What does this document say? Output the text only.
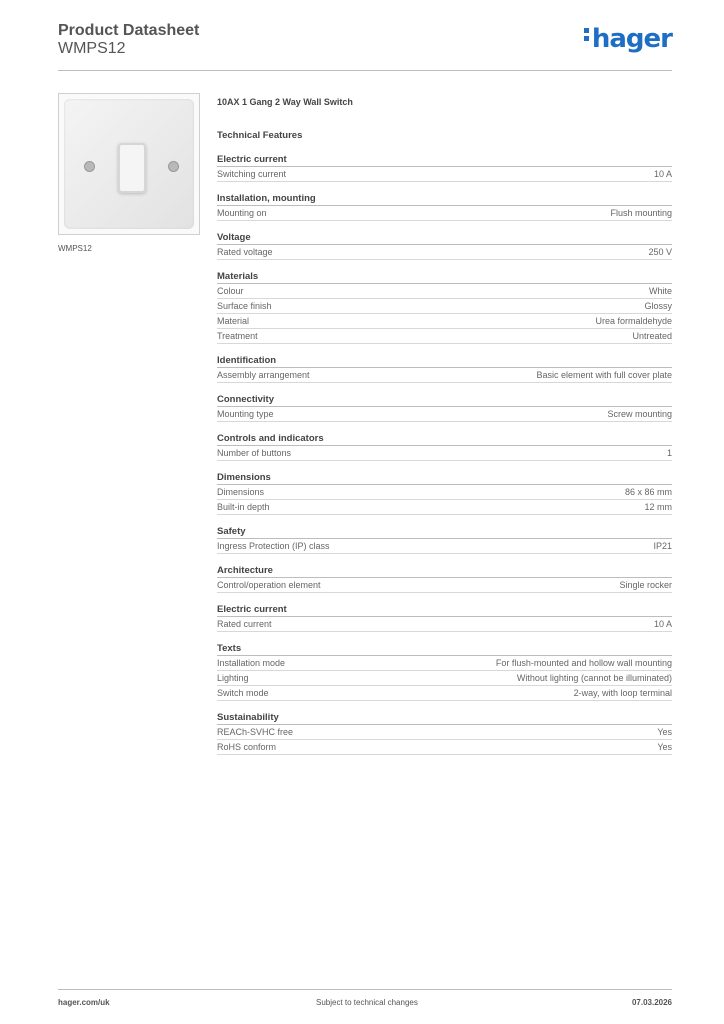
Product Datasheet
WMPS12	hager
WMPS12
10AX 1 Gang 2 Way Wall Switch
Technical Features
Electric current
Switching current	10 A
Installation, mounting
Mounting on	Flush mounting
Voltage
Rated voltage	250 V
Materials
Colour	White
Surface finish	Glossy
Material	Urea formaldehyde
Treatment	Untreated
Identification
Assembly arrangement	Basic element with full cover plate
Connectivity
Mounting type	Screw mounting
Controls and indicators
Number of buttons	1
Dimensions
Dimensions	86 x 86 mm
Built-in depth	12 mm
Safety
Ingress Protection (IP) class	IP21
Architecture
Control/operation element	Single rocker
Electric current
Rated current	10 A
Texts
Installation mode	For flush-mounted and hollow wall mounting
Lighting	Without lighting (cannot be illuminated)
Switch mode	2-way, with loop terminal
Sustainability
REACh-SVHC free	Yes
RoHS conform	Yes
hager.com/uk	Subject to technical changes	07.03.2026
